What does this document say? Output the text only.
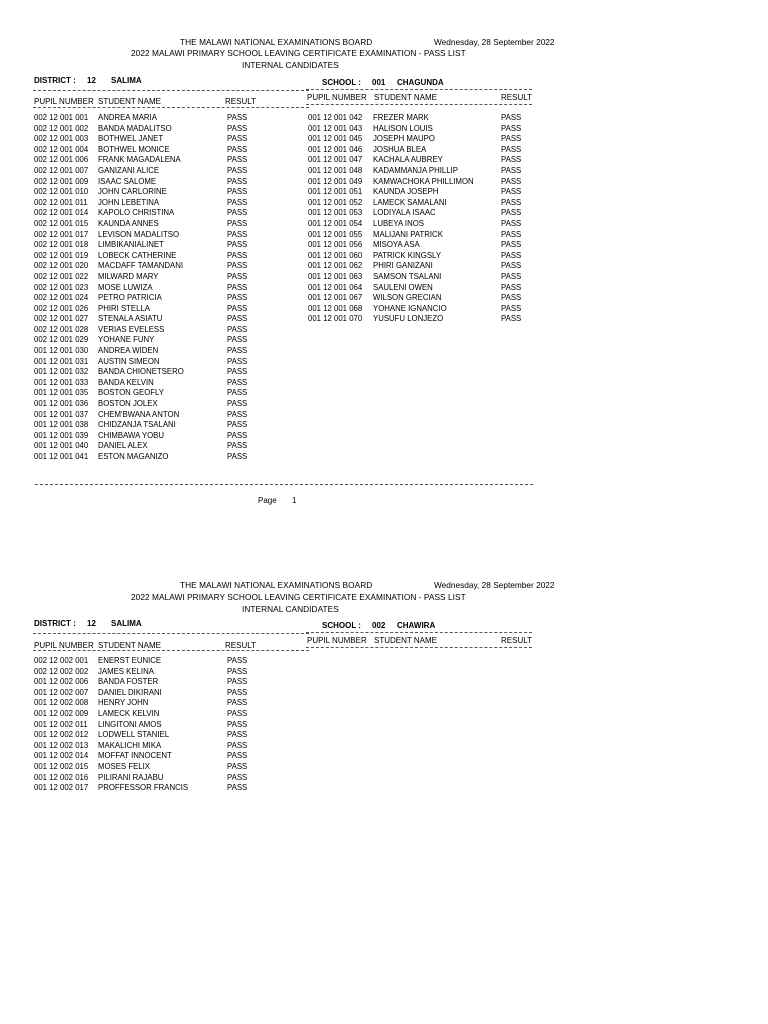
THE MALAWI NATIONAL EXAMINATIONS BOARD	Wednesday, 28 September 2022
2022 MALAWI PRIMARY SCHOOL LEAVING CERTIFICATE EXAMINATION - PASS LIST
INTERNAL CANDIDATES
DISTRICT : 12 SALIMA	SCHOOL : 001 CHAGUNDA
PUPIL NUMBER STUDENT NAME	RESULT	PUPIL NUMBER STUDENT NAME	RESULT
002 12 001 001 ANDREA MARIA	PASS
002 12 001 002 BANDA MADALITSO	PASS
002 12 001 003 BOTHWEL JANET	PASS
002 12 001 004 BOTHWEL MONICE	PASS
002 12 001 006 FRANK MAGADALENA	PASS
002 12 001 007 GANIZANI ALICE	PASS
002 12 001 009 ISAAC SALOME	PASS
002 12 001 010 JOHN CARLORINE	PASS
002 12 001 011 JOHN LEBETINA	PASS
002 12 001 014 KAPOLO CHRISTINA	PASS
002 12 001 015 KAUNDA ANNES	PASS
002 12 001 017 LEVISON MADALITSO	PASS
002 12 001 018 LIMBIKANIALINET	PASS
002 12 001 019 LOBECK CATHERINE	PASS
002 12 001 020 MACDAFF TAMANDANI	PASS
002 12 001 022 MILWARD MARY	PASS
002 12 001 023 MOSE LUWIZA	PASS
002 12 001 024 PETRO PATRICIA	PASS
002 12 001 026 PHIRI STELLA	PASS
002 12 001 027 STENALA ASIATU	PASS
002 12 001 028 VERIAS EVELESS	PASS
002 12 001 029 YOHANE FUNY	PASS
001 12 001 030 ANDREA WIDEN	PASS
001 12 001 031 AUSTIN SIMEON	PASS
001 12 001 032 BANDA CHIONETSERO	PASS
001 12 001 033 BANDA KELVIN	PASS
001 12 001 035 BOSTON GEOFLY	PASS
001 12 001 036 BOSTON JOLEX	PASS
001 12 001 037 CHEM'BWANA ANTON	PASS
001 12 001 038 CHIDZANJA TSALANI	PASS
001 12 001 039 CHIMBAWA YOBU	PASS
001 12 001 040 DANIEL ALEX	PASS
001 12 001 041 ESTON MAGANIZO	PASS
001 12 001 042 FREZER MARK	PASS
001 12 001 043 HALISON LOUIS	PASS
001 12 001 045 JOSEPH MAUPO	PASS
001 12 001 046 JOSHUA BLEA	PASS
001 12 001 047 KACHALA AUBREY	PASS
001 12 001 048 KADAMMANJA PHILLIP	PASS
001 12 001 049 KAMWACHOKA PHILLIMON	PASS
001 12 001 051 KAUNDA JOSEPH	PASS
001 12 001 052 LAMECK SAMALANI	PASS
001 12 001 053 LODIYALA ISAAC	PASS
001 12 001 054 LUBEYA INOS	PASS
001 12 001 055 MALIJANI PATRICK	PASS
001 12 001 056 MISOYA ASA	PASS
001 12 001 060 PATRICK KINGSLY	PASS
001 12 001 062 PHIRI GANIZANI	PASS
001 12 001 063 SAMSON TSALANI	PASS
001 12 001 064 SAULENI OWEN	PASS
001 12 001 067 WILSON GRECIAN	PASS
001 12 001 068 YOHANE IGNANCIO	PASS
001 12 001 070 YUSUFU LONJEZO	PASS
Page 1
THE MALAWI NATIONAL EXAMINATIONS BOARD	Wednesday, 28 September 2022
2022 MALAWI PRIMARY SCHOOL LEAVING CERTIFICATE EXAMINATION - PASS LIST
INTERNAL CANDIDATES
DISTRICT : 12 SALIMA	SCHOOL : 002 CHAWIRA
PUPIL NUMBER STUDENT NAME	RESULT
PUPIL NUMBER STUDENT NAME	RESULT
002 12 002 001 ENERST EUNICE	PASS
002 12 002 002 JAMES KELINA	PASS
001 12 002 006 BANDA FOSTER	PASS
001 12 002 007 DANIEL DIKIRANI	PASS
001 12 002 008 HENRY JOHN	PASS
001 12 002 009 LAMECK KELVIN	PASS
001 12 002 011 LINGITONI AMOS	PASS
001 12 002 012 LODWELL STANIEL	PASS
001 12 002 013 MAKALICHI MIKA	PASS
001 12 002 014 MOFFAT INNOCENT	PASS
001 12 002 015 MOSES FELIX	PASS
001 12 002 016 PILIRANI RAJABU	PASS
001 12 002 017 PROFFESSOR FRANCIS	PASS
